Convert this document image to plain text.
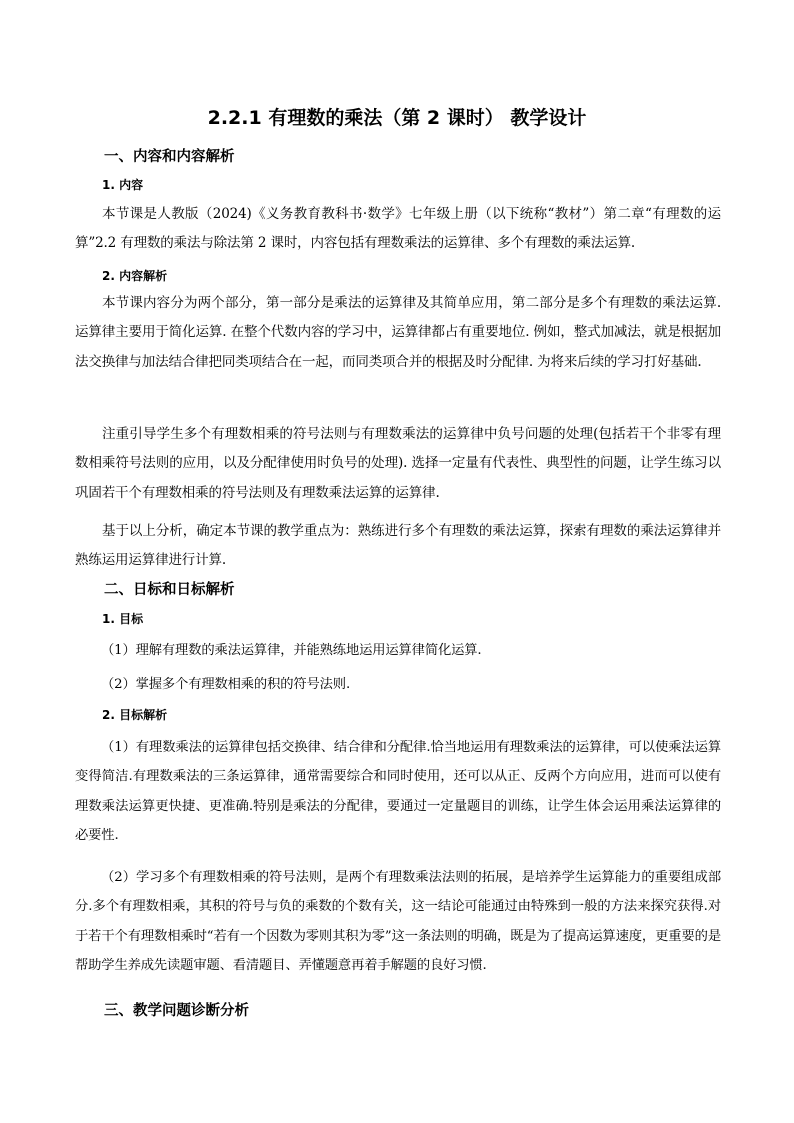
2.2.1 有理数的乘法（第 2 课时） 教学设计
一、内容和内容解析
1. 内容
本节课是人教版（2024)《义务教育教科书·数学》七年级上册（以下统称“教材”）第二章“有理数的运算”2.2 有理数的乘法与除法第 2 课时，内容包括有理数乘法的运算律、多个有理数的乘法运算.
2. 内容解析
本节课内容分为两个部分，第一部分是乘法的运算律及其简单应用，第二部分是多个有理数的乘法运算. 运算律主要用于简化运算. 在整个代数内容的学习中，运算律都占有重要地位. 例如，整式加减法，就是根据加法交换律与加法结合律把同类项结合在一起，而同类项合并的根据及时分配律. 为将来后续的学习打好基础.
注重引导学生多个有理数相乘的符号法则与有理数乘法的运算律中负号问题的处理(包括若干个非零有理数相乘符号法则的应用，以及分配律使用时负号的处理). 选择一定量有代表性、典型性的问题，让学生练习以巩固若干个有理数相乘的符号法则及有理数乘法运算的运算律.
基于以上分析，确定本节课的教学重点为：熟练进行多个有理数的乘法运算，探索有理数的乘法运算律并熟练运用运算律进行计算.
二、日标和日标解析
1. 目标
（1）理解有理数的乘法运算律，并能熟练地运用运算律简化运算.
（2）掌握多个有理数相乘的积的符号法则.
2. 目标解析
（1）有理数乘法的运算律包括交换律、结合律和分配律.恰当地运用有理数乘法的运算律，可以使乘法运算变得简洁.有理数乘法的三条运算律，通常需要综合和同时使用，还可以从正、反两个方向应用，进而可以使有理数乘法运算更快捷、更准确.特别是乘法的分配律，要通过一定量题目的训练，让学生体会运用乘法运算律的必要性.
（2）学习多个有理数相乘的符号法则，是两个有理数乘法法则的拓展，是培养学生运算能力的重要组成部分.多个有理数相乘，其积的符号与负的乘数的个数有关，这一结论可能通过由特殊到一般的方法来探究获得.对于若干个有理数相乘时“若有一个因数为零则其积为零”这一条法则的明确，既是为了提高运算速度，更重要的是帮助学生养成先读题审题、看清题目、弄懂题意再着手解题的良好习惯.
三、教学问题诊断分析
